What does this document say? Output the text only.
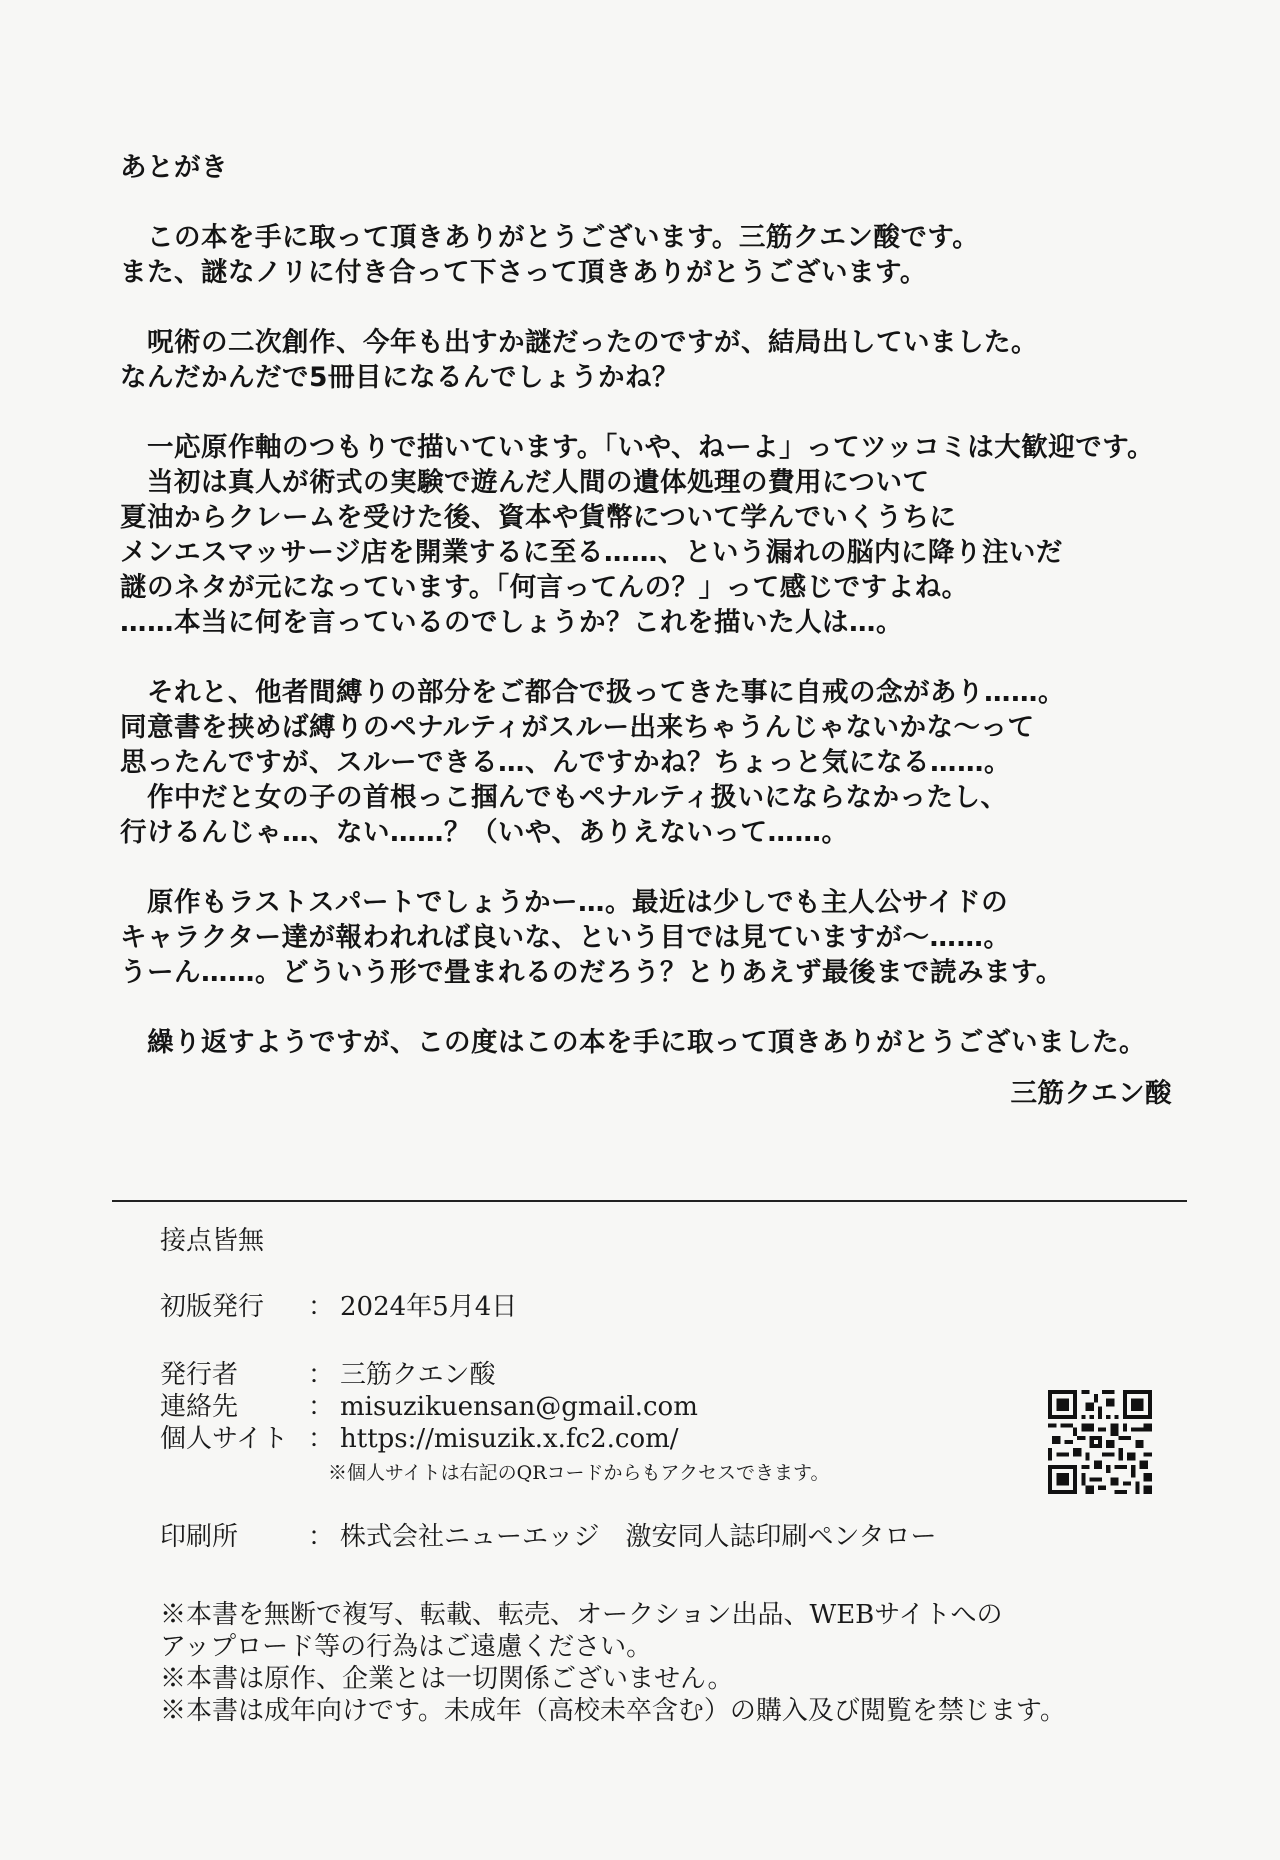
あとがき
　この本を手に取って頂きありがとうございます。三筋クエン酸です。
また、謎なノリに付き合って下さって頂きありがとうございます。
　呪術の二次創作、今年も出すか謎だったのですが、結局出していました。
なんだかんだで5冊目になるんでしょうかね？
　一応原作軸のつもりで描いています。「いや、ねーよ」ってツッコミは大歓迎です。
　当初は真人が術式の実験で遊んだ人間の遺体処理の費用について
夏油からクレームを受けた後、資本や貨幣について学んでいくうちに
メンエスマッサージ店を開業するに至る……、という漏れの脳内に降り注いだ
謎のネタが元になっています。「何言ってんの？」って感じですよね。
……本当に何を言っているのでしょうか？これを描いた人は…。
　それと、他者間縛りの部分をご都合で扱ってきた事に自戒の念があり……。
同意書を挟めば縛りのペナルティがスルー出来ちゃうんじゃないかな〜って
思ったんですが、スルーできる…、んですかね？ちょっと気になる……。
　作中だと女の子の首根っこ掴んでもペナルティ扱いにならなかったし、
行けるんじゃ…、ない……？（いや、ありえないって……。
　原作もラストスパートでしょうかー…。最近は少しでも主人公サイドの
キャラクター達が報われれば良いな、という目では見ていますが〜……。
うーん……。どういう形で畳まれるのだろう？とりあえず最後まで読みます。
　繰り返すようですが、この度はこの本を手に取って頂きありがとうございました。
三筋クエン酸
接点皆無
初版発行 ： 2024年5月4日
発行者	： 三筋クエン酸
連絡先	： misuzikuensan@gmail.com
個人サイト ： https://misuzik.x.fc2.com/
※個人サイトは右記のQRコードからもアクセスできます。
印刷所	： 株式会社ニューエッジ　激安同人誌印刷ペンタロー
※本書を無断で複写、転載、転売、オークション出品、WEBサイトへの
アップロード等の行為はご遠慮ください。
※本書は原作、企業とは一切関係ございません。
※本書は成年向けです。未成年（高校未卒含む）の購入及び閲覧を禁じます。
